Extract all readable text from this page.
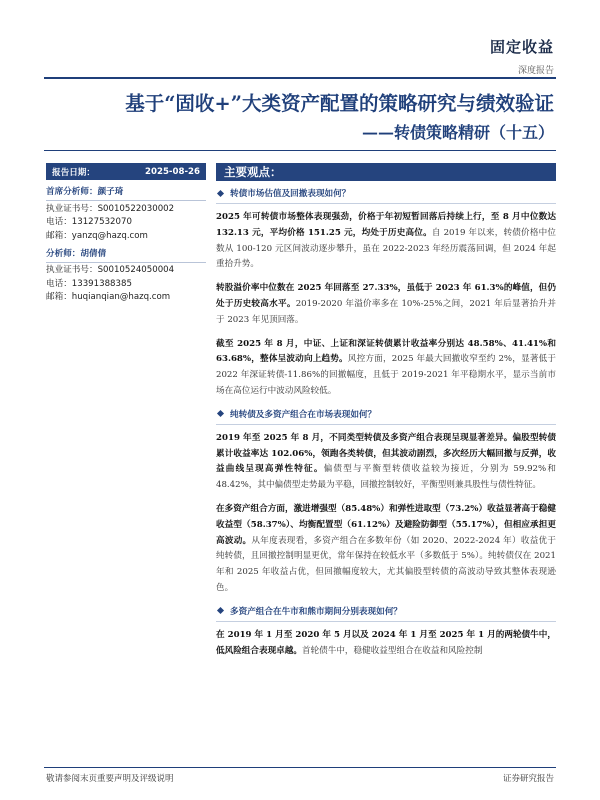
固定收益
深度报告
基于“固收+”大类资产配置的策略研究与绩效验证
——转债策略精研（十五）
报告日期：	2025-08-26
首席分析师：颜子琦
执业证书号：S0010522030002
电话：13127532070
邮箱：yanzq@hazq.com
分析师：胡倩倩
执业证书号：S0010524050004
电话：13391388385
邮箱：huqianqian@hazq.com
主要观点：
转债市场估值及回撤表现如何？

2025 年可转债市场整体表现强劲，价格于年初短暂回落后持续上行，至 8 月中位数达 132.13 元，平均价格 151.25 元，均处于历史高位。自 2019 年以来，转债价格中位数从 100-120 元区间波动逐步攀升，虽在 2022-2023 年经历震荡回调，但 2024 年起重拾升势。

转股溢价率中位数在 2025 年回落至 27.33%，虽低于 2023 年 61.3%的峰值，但仍处于历史较高水平。2019-2020 年溢价率多在 10%-25%之间，2021 年后显著抬升并于 2023 年见顶回落。

截至 2025 年 8 月，中证、上证和深证转债累计收益率分别达 48.58%、41.41%和 63.68%，整体呈波动向上趋势。风控方面，2025 年最大回撤收窄至约 2%，显著低于 2022 年深证转债-11.86%的回撤幅度，且低于 2019-2021 年平稳期水平，显示当前市场在高位运行中波动风险较低。

纯转债及多资产组合在市场表现如何？

2019 年至 2025 年 8 月，不同类型转债及多资产组合表现呈现显著差异。偏股型转债累计收益率达 102.06%，领跑各类转债，但其波动剧烈，多次经历大幅回撤与反弹，收益曲线呈现高弹性特征。偏债型与平衡型转债收益较为接近，分别为 59.92%和 48.42%，其中偏债型走势最为平稳，回撤控制较好，平衡型则兼具股性与债性特征。

在多资产组合方面，激进增强型（85.48%）和弹性进取型（73.2%）收益显著高于稳健收益型（58.37%）、均衡配置型（61.12%）及避险防御型（55.17%），但相应承担更高波动。从年度表现看，多资产组合在多数年份（如 2020、2022-2024 年）收益优于纯转债，且回撤控制明显更优，常年保持在较低水平（多数低于 5%）。纯转债仅在 2021 年和 2025 年收益占优，但回撤幅度较大，尤其偏股型转债的高波动导致其整体表现逊色。

多资产组合在牛市和熊市期间分别表现如何？

在 2019 年 1 月至 2020 年 5 月以及 2024 年 1 月至 2025 年 1 月的两轮债牛中，低风险组合表现卓越。首轮债牛中，稳健收益型组合在收益和风险控制

敬请参阅末页重要声明及评级说明	证券研究报告
